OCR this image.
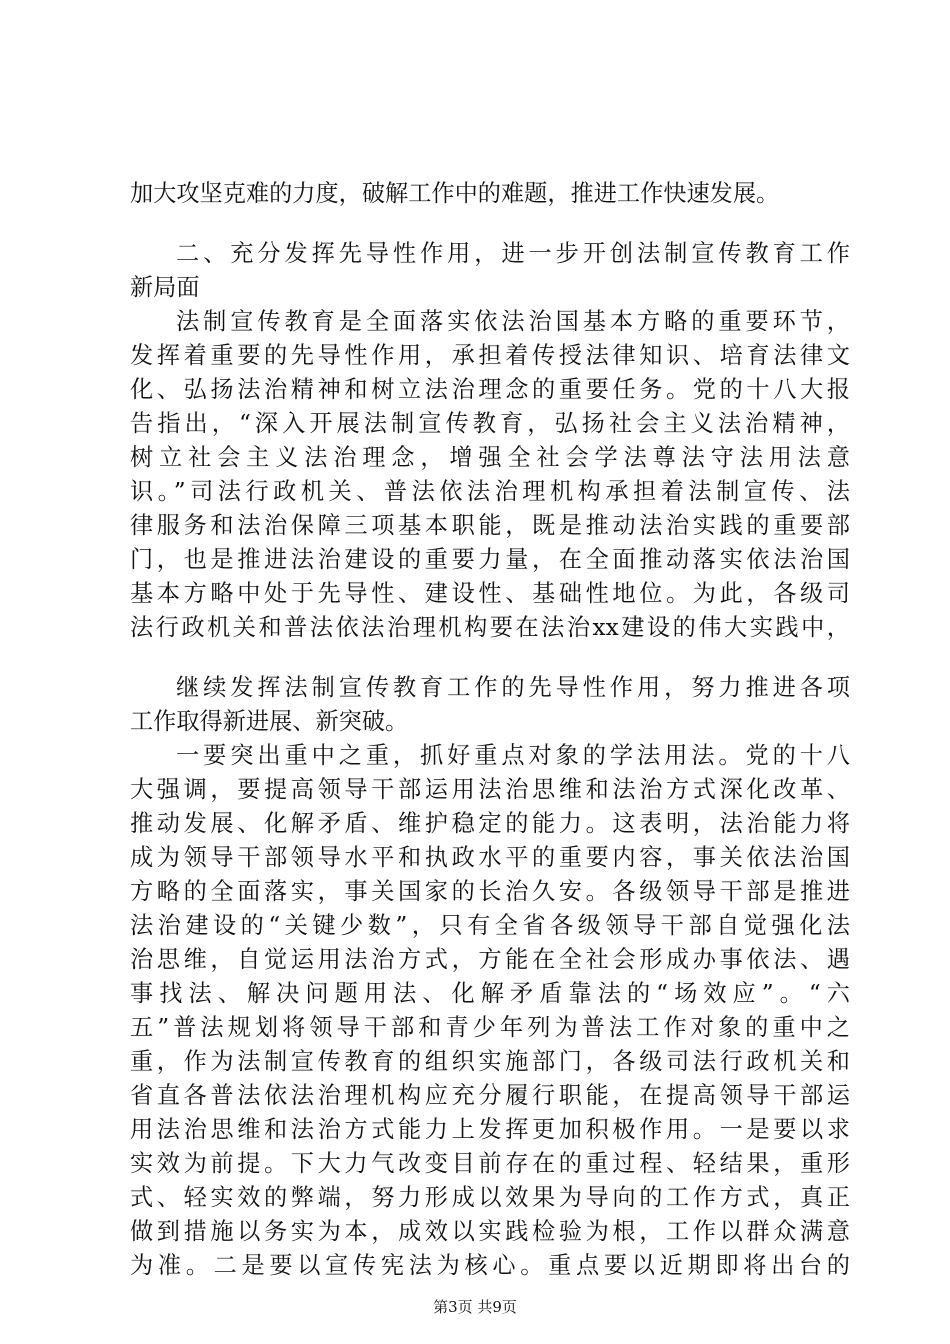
加大攻坚克难的力度，破解工作中的难题，推进工作快速发展。
二、充分发挥先导性作用，进一步开创法制宣传教育工作
新局面
法制宣传教育是全面落实依法治国基本方略的重要环节，
发挥着重要的先导性作用，承担着传授法律知识、培育法律文
化、弘扬法治精神和树立法治理念的重要任务。党的十八大报
告指出，“深入开展法制宣传教育，弘扬社会主义法治精神，
树立社会主义法治理念，增强全社会学法尊法守法用法意
识。”司法行政机关、普法依法治理机构承担着法制宣传、法
律服务和法治保障三项基本职能，既是推动法治实践的重要部
门，也是推进法治建设的重要力量，在全面推动落实依法治国
基本方略中处于先导性、建设性、基础性地位。为此，各级司
法行政机关和普法依法治理机构要在法治xx建设的伟大实践中，
继续发挥法制宣传教育工作的先导性作用，努力推进各项
工作取得新进展、新突破。
一要突出重中之重，抓好重点对象的学法用法。党的十八
大强调，要提高领导干部运用法治思维和法治方式深化改革、
推动发展、化解矛盾、维护稳定的能力。这表明，法治能力将
成为领导干部领导水平和执政水平的重要内容，事关依法治国
方略的全面落实，事关国家的长治久安。各级领导干部是推进
法治建设的“关键少数”，只有全省各级领导干部自觉强化法
治思维，自觉运用法治方式，方能在全社会形成办事依法、遇
事找法、解决问题用法、化解矛盾靠法的“场效应”。“六
五”普法规划将领导干部和青少年列为普法工作对象的重中之
重，作为法制宣传教育的组织实施部门，各级司法行政机关和
省直各普法依法治理机构应充分履行职能，在提高领导干部运
用法治思维和法治方式能力上发挥更加积极作用。一是要以求
实效为前提。下大力气改变目前存在的重过程、轻结果，重形
式、轻实效的弊端，努力形成以效果为导向的工作方式，真正
做到措施以务实为本，成效以实践检验为根，工作以群众满意
为准。二是要以宣传宪法为核心。重点要以近期即将出台的
第3页 共9页
